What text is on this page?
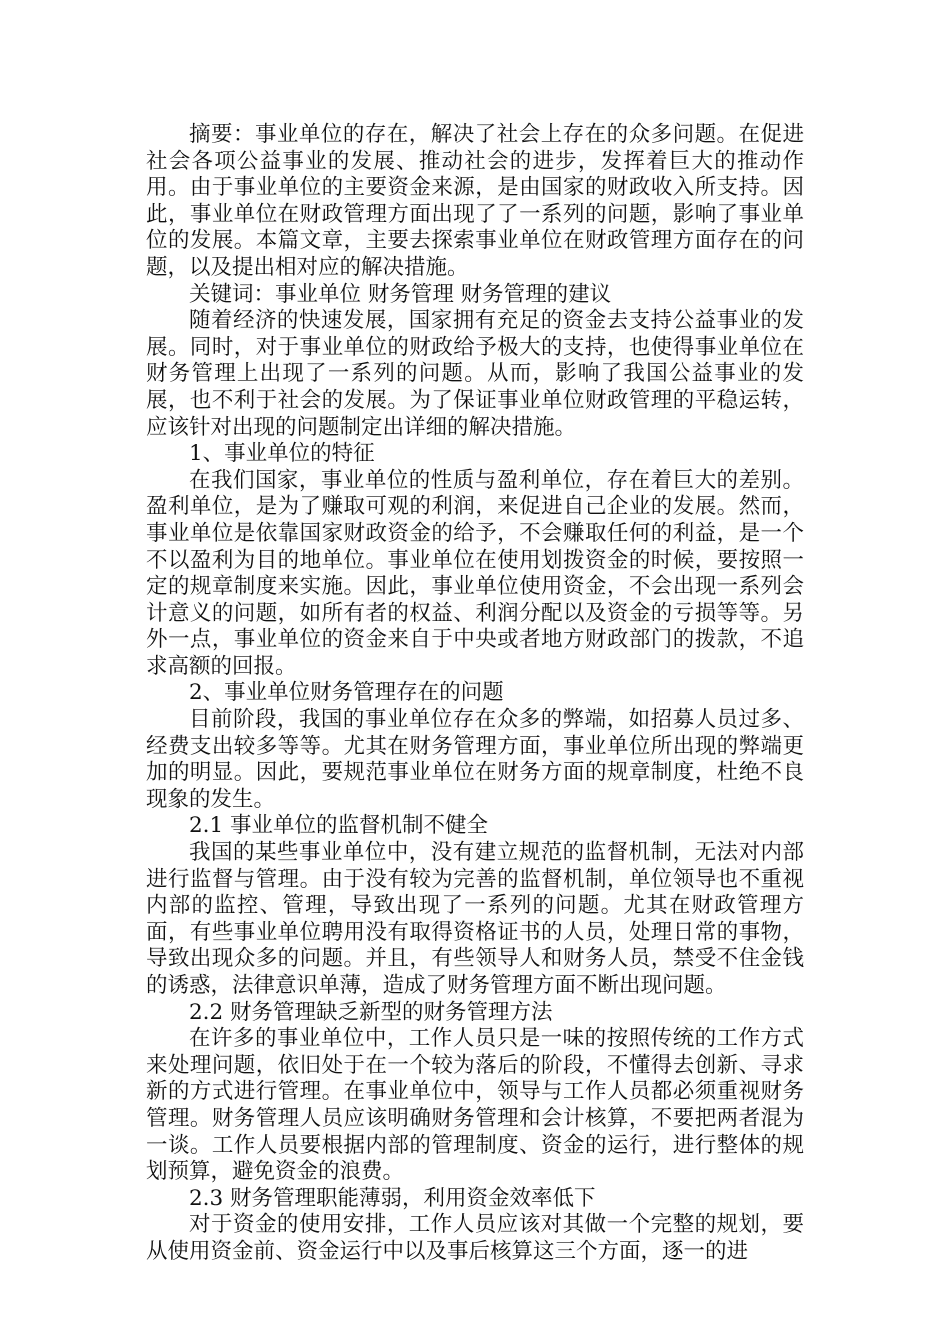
摘要：事业单位的存在，解决了社会上存在的众多问题。在促进社会各项公益事业的发展、推动社会的进步，发挥着巨大的推动作用。由于事业单位的主要资金来源，是由国家的财政收入所支持。因此，事业单位在财政管理方面出现了了一系列的问题，影响了事业单位的发展。本篇文章，主要去探索事业单位在财政管理方面存在的问题，以及提出相对应的解决措施。

关键词：事业单位 财务管理 财务管理的建议

随着经济的快速发展，国家拥有充足的资金去支持公益事业的发展。同时，对于事业单位的财政给予极大的支持，也使得事业单位在财务管理上出现了一系列的问题。从而，影响了我国公益事业的发展，也不利于社会的发展。为了保证事业单位财政管理的平稳运转，应该针对出现的问题制定出详细的解决措施。

1、事业单位的特征

在我们国家，事业单位的性质与盈利单位，存在着巨大的差别。盈利单位，是为了赚取可观的利润，来促进自己企业的发展。然而，事业单位是依靠国家财政资金的给予，不会赚取任何的利益，是一个不以盈利为目的地单位。事业单位在使用划拨资金的时候，要按照一定的规章制度来实施。因此，事业单位使用资金，不会出现一系列会计意义的问题，如所有者的权益、利润分配以及资金的亏损等等。另外一点，事业单位的资金来自于中央或者地方财政部门的拨款，不追求高额的回报。

2、事业单位财务管理存在的问题

目前阶段，我国的事业单位存在众多的弊端，如招募人员过多、经费支出较多等等。尤其在财务管理方面，事业单位所出现的弊端更加的明显。因此，要规范事业单位在财务方面的规章制度，杜绝不良现象的发生。

2.1 事业单位的监督机制不健全

我国的某些事业单位中，没有建立规范的监督机制，无法对内部进行监督与管理。由于没有较为完善的监督机制，单位领导也不重视内部的监控、管理，导致出现了一系列的问题。尤其在财政管理方面，有些事业单位聘用没有取得资格证书的人员，处理日常的事物，导致出现众多的问题。并且，有些领导人和财务人员，禁受不住金钱的诱惑，法律意识单薄，造成了财务管理方面不断出现问题。

2.2 财务管理缺乏新型的财务管理方法

在许多的事业单位中，工作人员只是一味的按照传统的工作方式来处理问题，依旧处于在一个较为落后的阶段，不懂得去创新、寻求新的方式进行管理。在事业单位中，领导与工作人员都必须重视财务管理。财务管理人员应该明确财务管理和会计核算，不要把两者混为一谈。工作人员要根据内部的管理制度、资金的运行，进行整体的规划预算，避免资金的浪费。

2.3 财务管理职能薄弱，利用资金效率低下

对于资金的使用安排，工作人员应该对其做一个完整的规划，要从使用资金前、资金运行中以及事后核算这三个方面，逐一的进
